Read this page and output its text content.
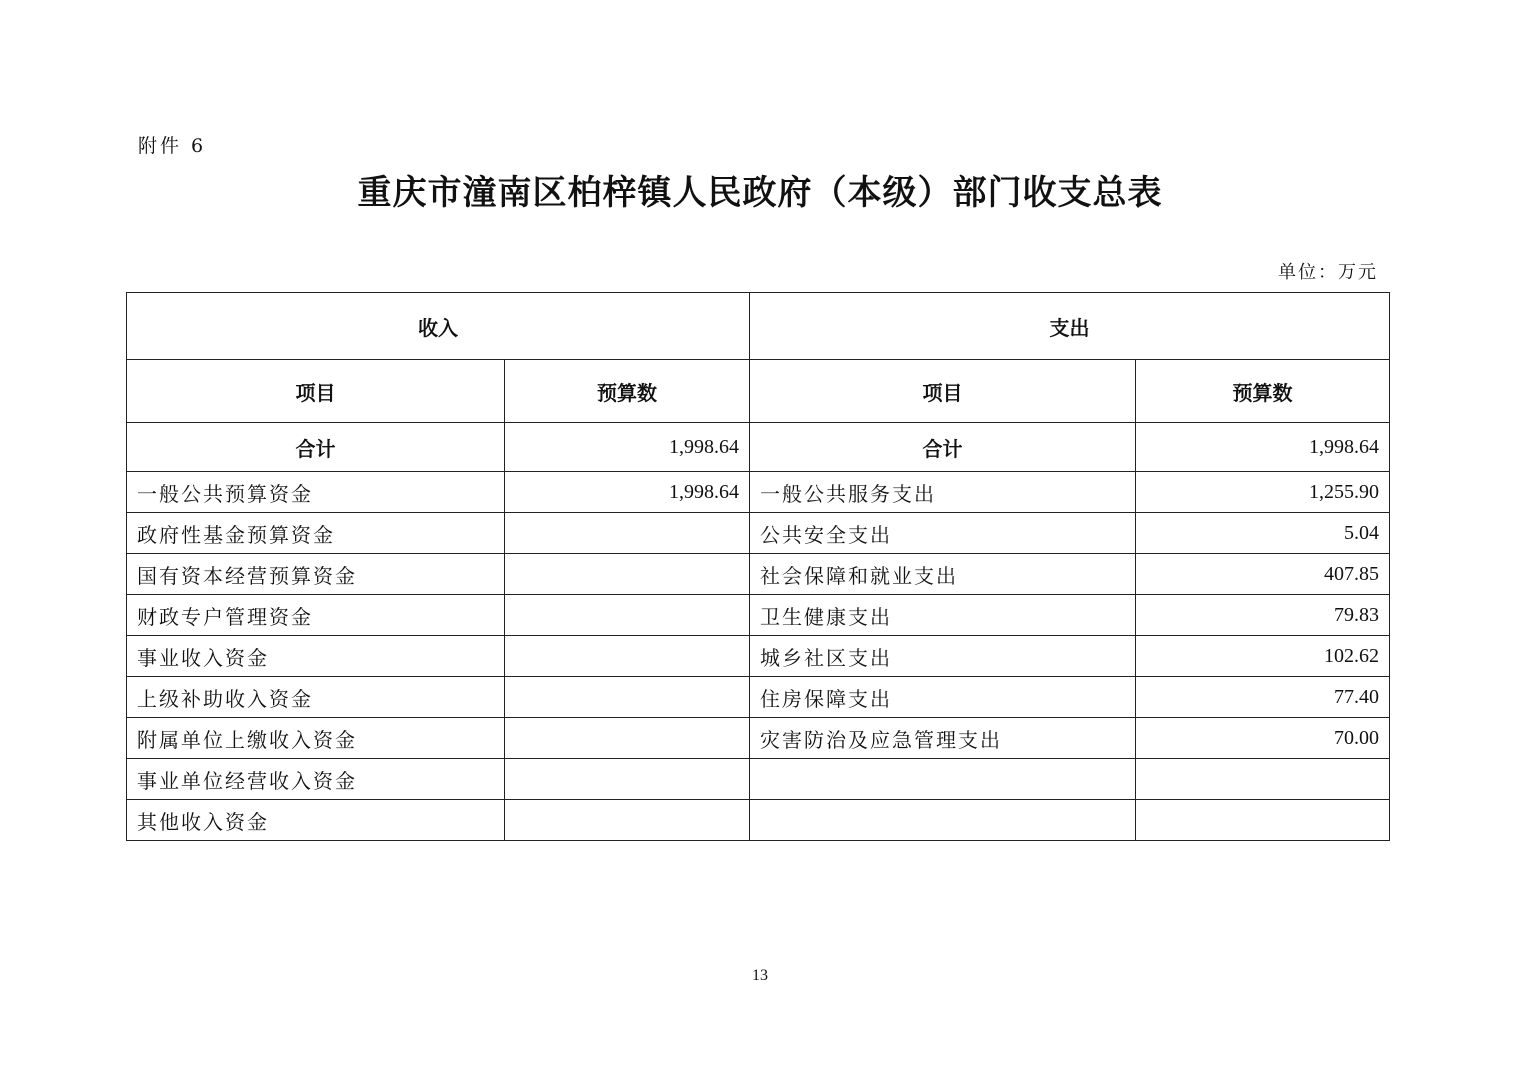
附件 6
重庆市潼南区柏梓镇人民政府（本级）部门收支总表
单位：万元
收入		支出	
项目	预算数	项目	预算数
合计	1,998.64	合计	1,998.64
一般公共预算资金	1,998.64	一般公共服务支出	1,255.90
政府性基金预算资金		公共安全支出	5.04
国有资本经营预算资金		社会保障和就业支出	407.85
财政专户管理资金		卫生健康支出	79.83
事业收入资金		城乡社区支出	102.62
上级补助收入资金		住房保障支出	77.40
附属单位上缴收入资金		灾害防治及应急管理支出	70.00
事业单位经营收入资金			
其他收入资金			
13
